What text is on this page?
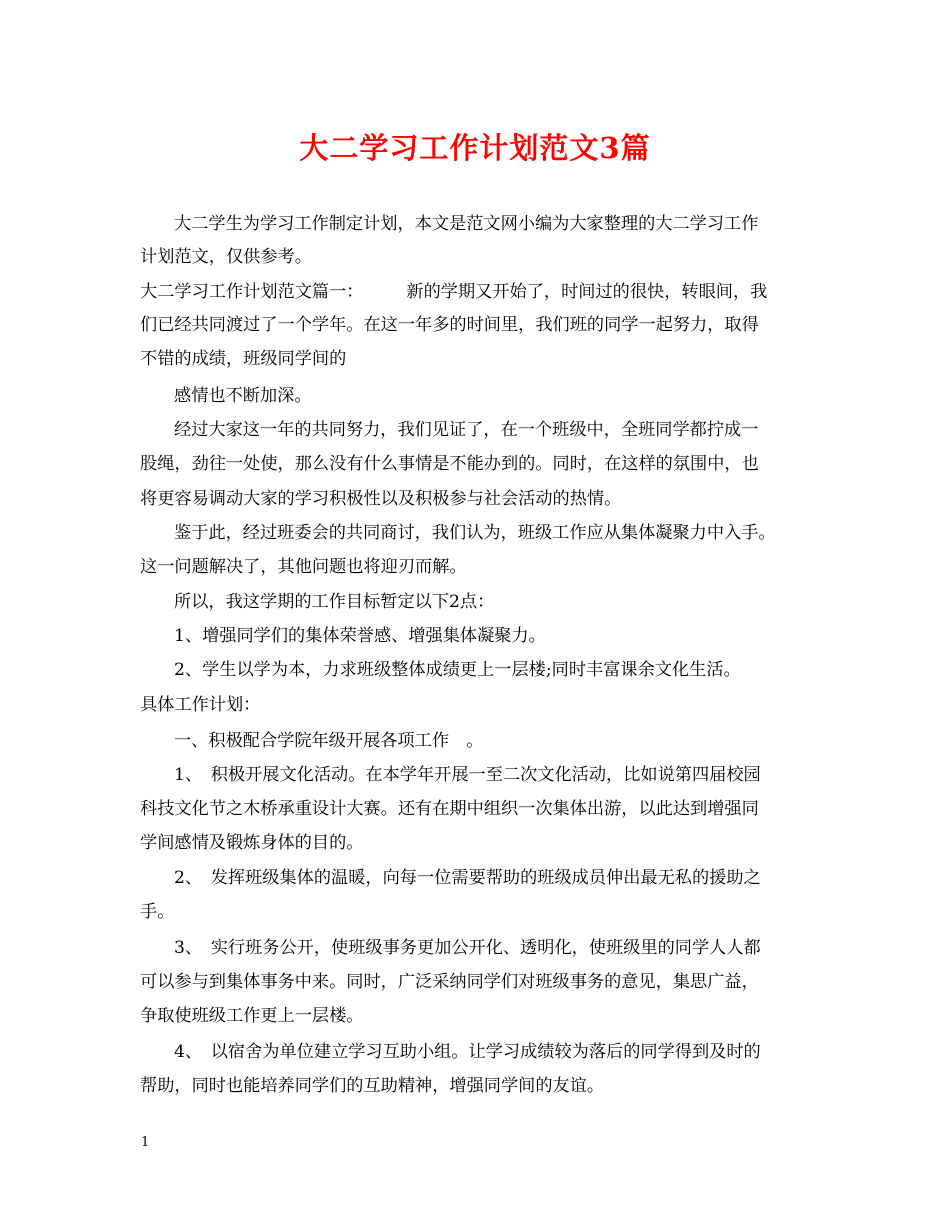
大二学习工作计划范文3篇
大二学生为学习工作制定计划，本文是范文网小编为大家整理的大二学习工作
计划范文，仅供参考。
大二学习工作计划范文篇一：　　　新的学期又开始了，时间过的很快，转眼间，我
们已经共同渡过了一个学年。在这一年多的时间里，我们班的同学一起努力，取得
不错的成绩，班级同学间的
感情也不断加深。
经过大家这一年的共同努力，我们见证了，在一个班级中，全班同学都拧成一
股绳，劲往一处使，那么没有什么事情是不能办到的。同时，在这样的氛围中，也
将更容易调动大家的学习积极性以及积极参与社会活动的热情。
鉴于此，经过班委会的共同商讨，我们认为，班级工作应从集体凝聚力中入手。
这一问题解决了，其他问题也将迎刃而解。
所以，我这学期的工作目标暂定以下2点：
1、增强同学们的集体荣誉感、增强集体凝聚力。
2、学生以学为本，力求班级整体成绩更上一层楼;同时丰富课余文化生活。
具体工作计划：
一、积极配合学院年级开展各项工作　。
1、　积极开展文化活动。在本学年开展一至二次文化活动，比如说第四届校园
科技文化节之木桥承重设计大赛。还有在期中组织一次集体出游，以此达到增强同
学间感情及锻炼身体的目的。
2、　发挥班级集体的温暖，向每一位需要帮助的班级成员伸出最无私的援助之
手。
3、　实行班务公开，使班级事务更加公开化、透明化，使班级里的同学人人都
可以参与到集体事务中来。同时，广泛采纳同学们对班级事务的意见，集思广益，
争取使班级工作更上一层楼。
4、　以宿舍为单位建立学习互助小组。让学习成绩较为落后的同学得到及时的
帮助，同时也能培养同学们的互助精神，增强同学间的友谊。
1
